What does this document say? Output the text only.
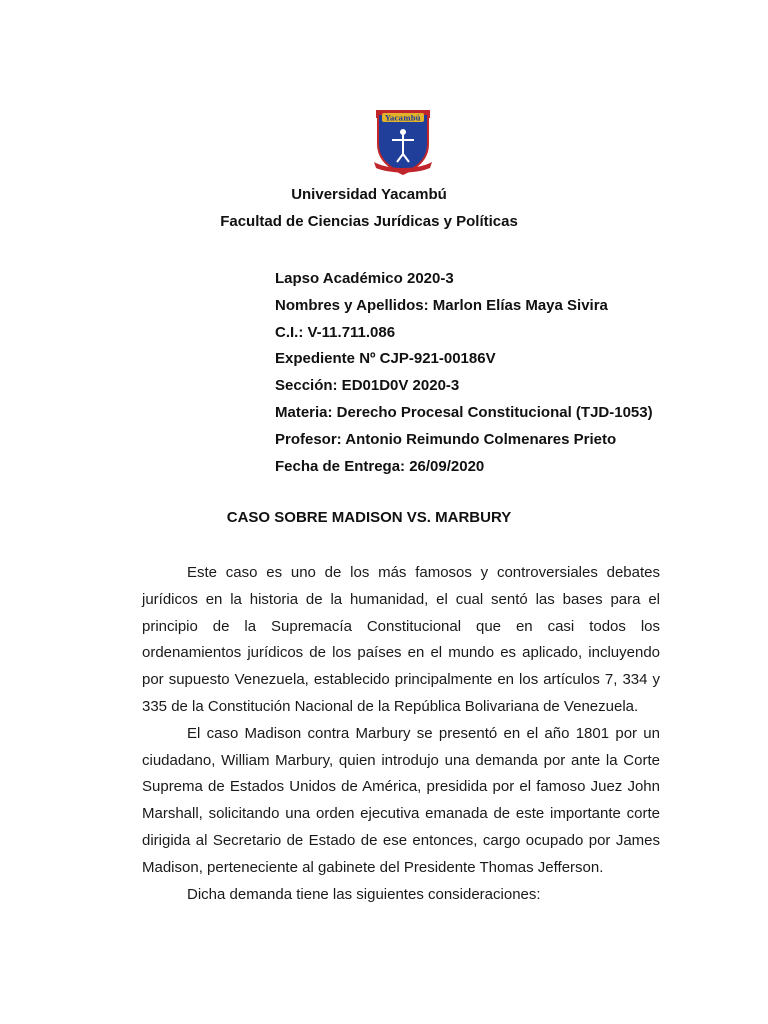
Yacambú
Universidad Yacambú
Facultad de Ciencias Jurídicas y Políticas
Lapso Académico 2020-3
Nombres y Apellidos: Marlon Elías Maya Sivira
C.I.: V-11.711.086
Expediente Nº CJP-921-00186V
Sección: ED01D0V 2020-3
Materia: Derecho Procesal Constitucional (TJD-1053)
Profesor: Antonio Reimundo Colmenares Prieto
Fecha de Entrega: 26/09/2020
CASO SOBRE MADISON VS. MARBURY

Este caso es uno de los más famosos y controversiales debates jurídicos en la historia de la humanidad, el cual sentó las bases para el principio de la Supremacía Constitucional que en casi todos los ordenamientos jurídicos de los países en el mundo es aplicado, incluyendo por supuesto Venezuela, establecido principalmente en los artículos 7, 334 y 335 de la Constitución Nacional de la República Bolivariana de Venezuela.

El caso Madison contra Marbury se presentó en el año 1801 por un ciudadano, William Marbury, quien introdujo una demanda por ante la Corte Suprema de Estados Unidos de América, presidida por el famoso Juez John Marshall, solicitando una orden ejecutiva emanada de este importante corte dirigida al Secretario de Estado de ese entonces, cargo ocupado por James Madison, perteneciente al gabinete del Presidente Thomas Jefferson.

Dicha demanda tiene las siguientes consideraciones:
